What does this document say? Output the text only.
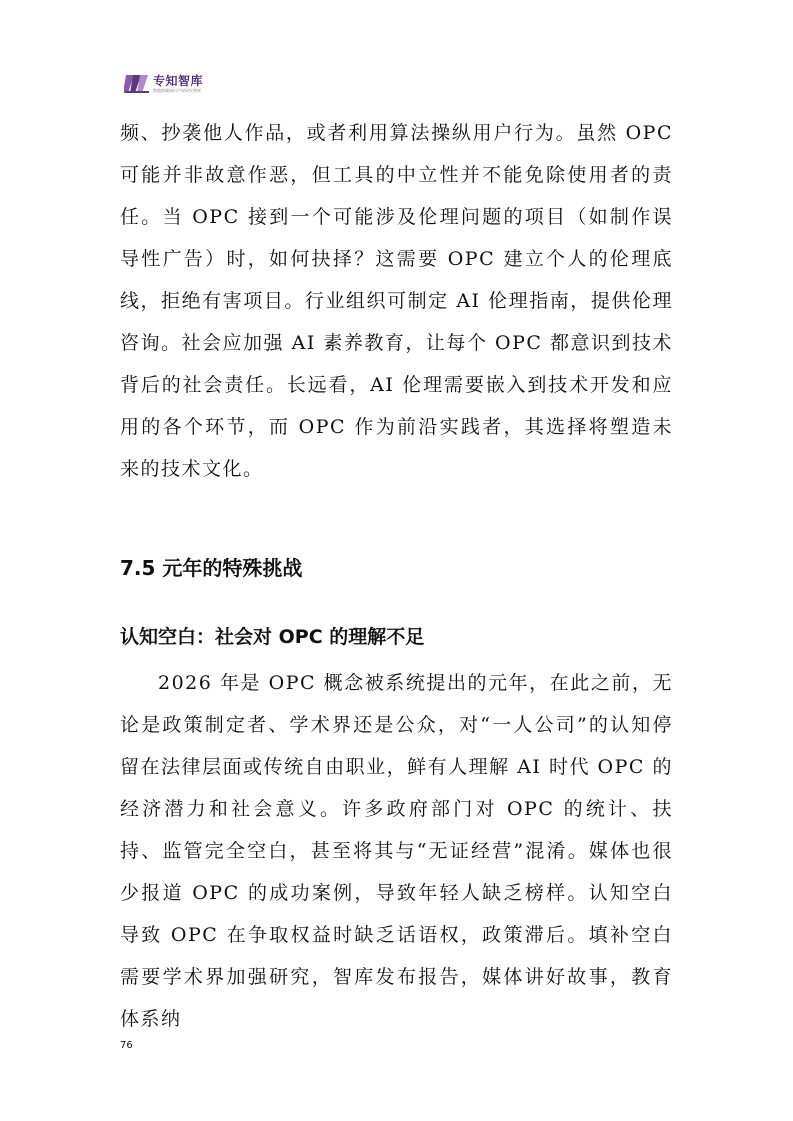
专知智库
跨境跨域知识产权研究智库

频、抄袭他人作品，或者利用算法操纵用户行为。虽然 OPC 可能并非故意作恶，但工具的中立性并不能免除使用者的责任。当 OPC 接到一个可能涉及伦理问题的项目（如制作误导性广告）时，如何抉择？这需要 OPC 建立个人的伦理底线，拒绝有害项目。行业组织可制定 AI 伦理指南，提供伦理咨询。社会应加强 AI 素养教育，让每个 OPC 都意识到技术背后的社会责任。长远看，AI 伦理需要嵌入到技术开发和应用的各个环节，而 OPC 作为前沿实践者，其选择将塑造未来的技术文化。

7.5 元年的特殊挑战
认知空白：社会对 OPC 的理解不足

2026 年是 OPC 概念被系统提出的元年，在此之前，无论是政策制定者、学术界还是公众，对“一人公司”的认知停留在法律层面或传统自由职业，鲜有人理解 AI 时代 OPC 的经济潜力和社会意义。许多政府部门对 OPC 的统计、扶持、监管完全空白，甚至将其与“无证经营”混淆。媒体也很少报道 OPC 的成功案例，导致年轻人缺乏榜样。认知空白导致 OPC 在争取权益时缺乏话语权，政策滞后。填补空白需要学术界加强研究，智库发布报告，媒体讲好故事，教育体系纳

76
